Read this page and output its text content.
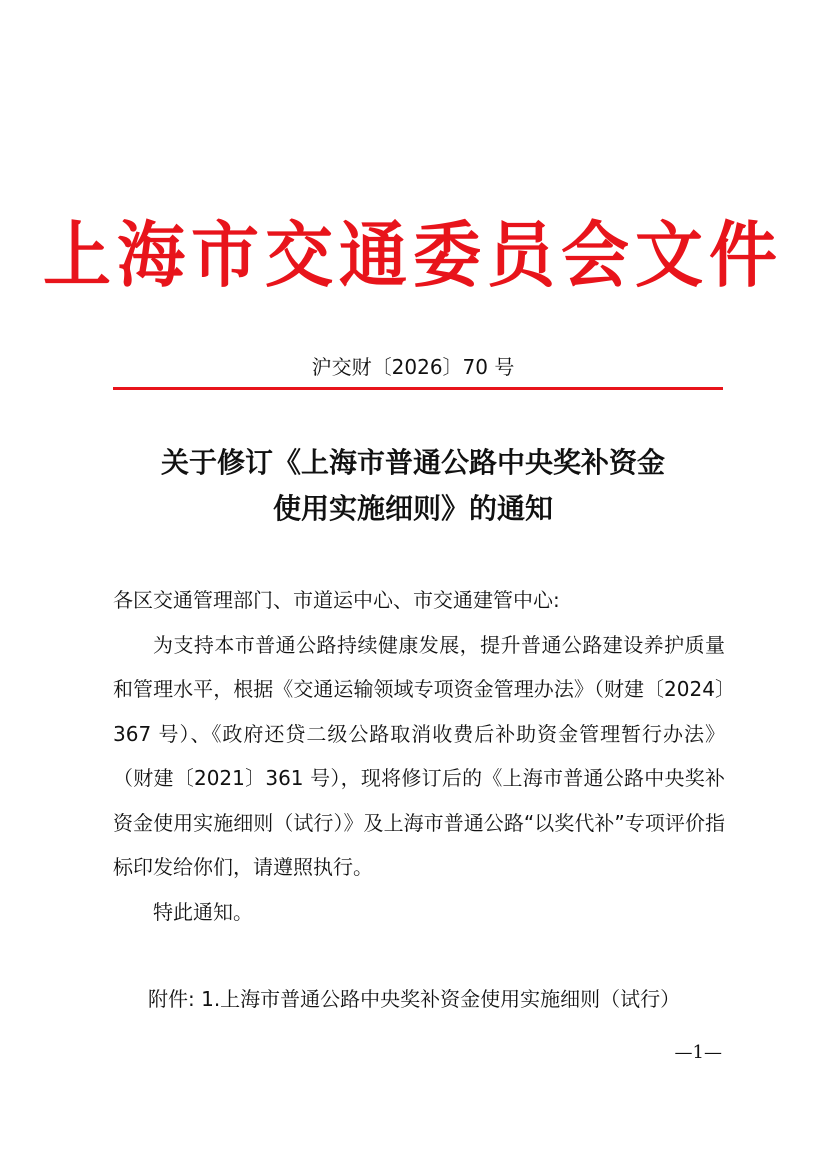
上海市交通委员会文件
沪交财〔2026〕70 号
关于修订《上海市普通公路中央奖补资金
使用实施细则》的通知

各区交通管理部门、市道运中心、市交通建管中心:

为支持本市普通公路持续健康发展，提升普通公路建设养护质量和管理水平，根据《交通运输领域专项资金管理办法》（财建〔2024〕367 号）、《政府还贷二级公路取消收费后补助资金管理暂行办法》（财建〔2021〕361 号），现将修订后的《上海市普通公路中央奖补资金使用实施细则（试行）》及上海市普通公路“以奖代补”专项评价指标印发给你们，请遵照执行。

特此通知。

附件: 1.上海市普通公路中央奖补资金使用实施细则（试行）
—1—
